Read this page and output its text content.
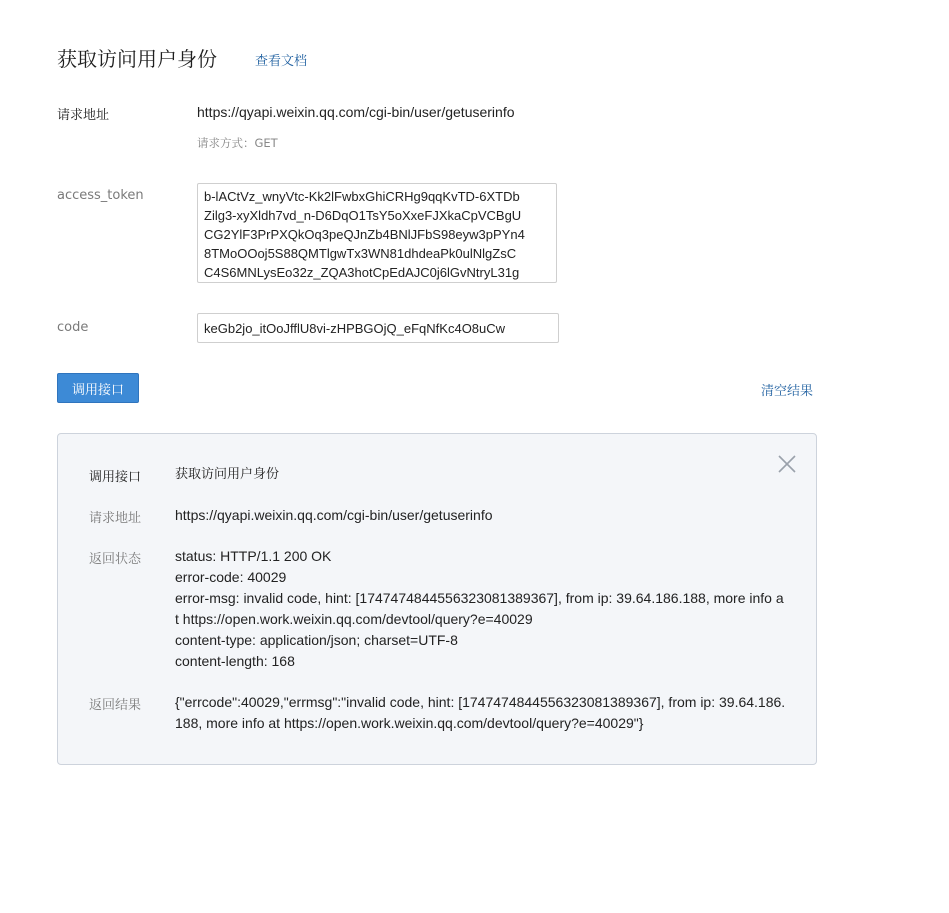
获取访问用户身份	查看文档
请求地址	https://qyapi.weixin.qq.com/cgi-bin/user/getuserinfo
请求方式：GET
access_token
b-lACtVz_wnyVtc-Kk2lFwbxGhiCRHg9qqKvTD-6XTDb Zilg3-xyXldh7vd_n-D6DqO1TsY5oXxeFJXkaCpVCBgU CG2YlF3PrPXQkOq3peQJnZb4BNlJFbS98eyw3pPYn4 8TMoOOoj5S88QMTlgwTx3WN81dhdeaPk0ulNlgZsC C4S6MNLysEo32z_ZQA3hotCpEdAJC0j6lGvNtryL31g
code
keGb2jo_itOoJfflU8vi-zHPBGOjQ_eFqNfKc4O8uCw
调用接口	清空结果
调用接口	获取访问用户身份
请求地址 https://qyapi.weixin.qq.com/cgi-bin/user/getuserinfo
返回状态 status: HTTP/1.1 200 OK
error-code: 40029
error-msg: invalid code, hint: [17474748445563230813893​67], from ip: 39.64.186.188, more info a
t https://open.work.weixin.qq.com/devtool/query?e=40029
content-type: application/json; charset=UTF-8
content-length: 168
返回结果 {"errcode":40029,"errmsg":"invalid code, hint: [17474748445563230813893​67], from ip: 39.64.186.
188, more info at https://open.work.weixin.qq.com/devtool/query?e=40029"}
